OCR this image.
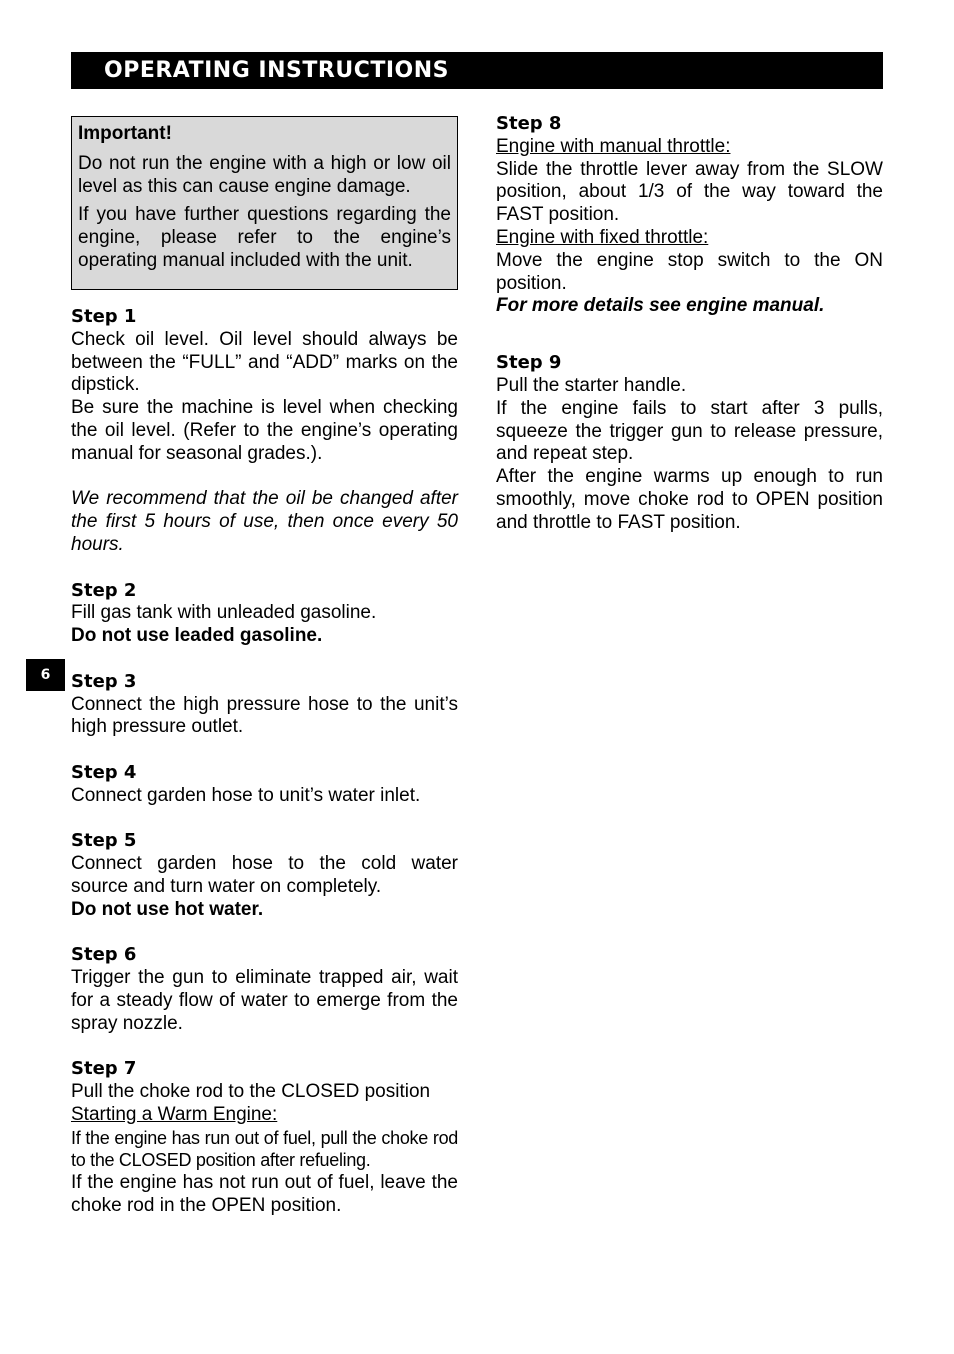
OPERATING INSTRUCTIONS
6
Important!

Do not run the engine with a high or low oil level as this can cause engine damage.

If you have further questions regarding the engine, please refer to the engine’s operating manual included with the unit.

Step 1

Check oil level. Oil level should always be between the “FULL” and “ADD” marks on the dipstick.

Be sure the machine is level when checking the oil level. (Refer to the engine’s operating manual for seasonal grades.).

We recommend that the oil be changed after the first 5 hours of use, then once every 50 hours.

Step 2

Fill gas tank with unleaded gasoline.

Do not use leaded gasoline.

Step 3

Connect the high pressure hose to the unit’s high pressure outlet.

Step 4

Connect garden hose to unit’s water inlet.

Step 5

Connect garden hose to the cold water source and turn water on completely.

Do not use hot water.

Step 6

Trigger the gun to eliminate trapped air, wait for a steady flow of water to emerge from the spray nozzle.

Step 7

Pull the choke rod to the CLOSED position

Starting a Warm Engine:

If the engine has run out of fuel, pull the choke rod to the CLOSED position after refueling.

If the engine has not run out of fuel, leave the choke rod in the OPEN position.

Step 8

Engine with manual throttle:

Slide the throttle lever away from the SLOW position, about 1/3 of the way toward the FAST position.

Engine with fixed throttle:

Move the engine stop switch to the ON position.

For more details see engine manual.

Step 9

Pull the starter handle.

If the engine fails to start after 3 pulls, squeeze the trigger gun to release pressure, and repeat step.

After the engine warms up enough to run smoothly, move choke rod to OPEN position and throttle to FAST position.
